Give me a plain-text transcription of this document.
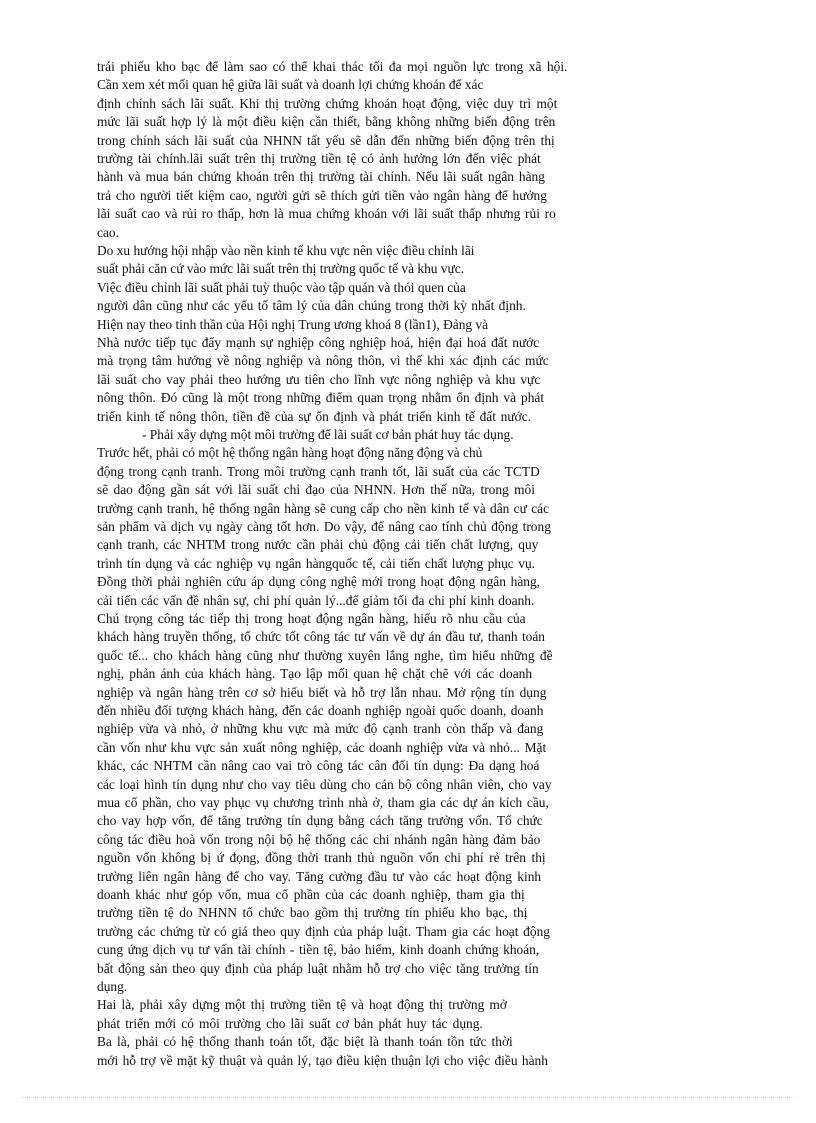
trái phiếu kho bạc để làm sao có thể khai thác tối đa mọi nguồn lực trong xã hội.
Cần xem xét mối quan hệ giữa lãi suất và doanh lợi chứng khoán để xác
định chính sách lãi suất. Khi thị trường chứng khoán hoạt động, việc duy trì một
mức lãi suất hợp lý là một điều kiện cần thiết, bằng không những biến động trên
trong chính sách lãi suất của NHNN tất yếu sẽ dẫn đến những biến động trên thị
trường tài chính.lãi suất trên thị trường tiền tệ có ảnh hưởng lớn đến việc phát
hành và mua bán chứng khoán trên thị trường tài chính. Nếu lãi suất ngân hàng
trả cho người tiết kiệm cao, người gửi sẽ thích gửi tiền vào ngân hàng để hưởng
lãi suất cao và rủi ro thấp, hơn là mua chứng khoán với lãi suất thấp nhưng rủi ro
cao.
Do xu hướng hội nhập vào nền kinh tế khu vực nên việc điều chỉnh lãi
suất phải căn cứ vào mức lãi suất trên thị trường quốc tế và khu vực.
Việc điều chỉnh lãi suất phải tuỳ thuộc vào tập quán và thói quen của
người dân cũng như các yếu tố tâm lý của dân chúng trong thời kỳ nhất định.
Hiện nay theo tinh thần của Hội nghị Trung ương khoá 8 (lần1), Đảng và
Nhà nước tiếp tục đẩy mạnh sự nghiệp công nghiệp hoá, hiện đại hoá đất nước
mà trọng tâm hướng về nông nghiệp và nông thôn, vì thế khi xác định các mức
lãi suất cho vay phải theo hướng ưu tiên cho lĩnh vực nông nghiệp và khu vực
nông thôn. Đó cũng là một trong những điểm quan trọng nhằm ổn định và phát
triển kinh tế nông thôn, tiền đề của sự ổn định và phát triển kinh tế đất nước.
- Phải xây dựng một môi trường để lãi suất cơ bản phát huy tác dụng.
Trước hết, phải có một hệ thống ngân hàng hoạt động năng động và chủ
động trong cạnh tranh. Trong môi trường cạnh tranh tốt, lãi suất của các TCTD
sẽ dao động gần sát với lãi suất chỉ đạo của NHNN. Hơn thế nữa, trong môi
trường cạnh tranh, hệ thống ngân hàng sẽ cung cấp cho nền kinh tế và dân cư các
sản phẩm và dịch vụ ngày càng tốt hơn. Do vậy, để nâng cao tính chủ động trong
cạnh tranh, các NHTM trong nước cần phải chủ động cải tiến chất lượng, quy
trình tín dụng và các nghiệp vụ ngân hàngquốc tế, cải tiến chất lượng phục vụ.
Đồng thời phải nghiên cứu áp dụng công nghệ mới trong hoạt động ngân hàng,
cải tiến các vấn đề nhân sự, chi phí quản lý...để giảm tối đa chi phí kinh doanh.
Chú trọng công tác tiếp thị trong hoạt động ngân hàng, hiểu rõ nhu cầu của
khách hàng truyền thống, tổ chức tốt công tác tư vấn về dự án đầu tư, thanh toán
quốc tế... cho khách hàng cũng như thường xuyên lắng nghe, tìm hiểu những đề
nghị, phản ánh của khách hàng. Tạo lập mối quan hệ chặt chẽ với các doanh
nghiệp và ngân hàng trên cơ sở hiểu biết và hỗ trợ lẫn nhau. Mở rộng tín dụng
đến nhiều đối tượng khách hàng, đến các doanh nghiệp ngoài quốc doanh, doanh
nghiệp vừa và nhỏ, ở những khu vực mà mức độ cạnh tranh còn thấp và đang
cần vốn như khu vực sản xuất nông nghiệp, các doanh nghiệp vừa và nhỏ... Mặt
khác, các NHTM cần nâng cao vai trò công tác cân đối tín dụng: Đa dạng hoá
các loại hình tín dụng như cho vay tiêu dùng cho cán bộ công nhân viên, cho vay
mua cổ phần, cho vay phục vụ chương trình nhà ở, tham gia các dự án kích cầu,
cho vay hợp vốn, để tăng trưởng tín dụng bằng cách tăng trưởng vốn. Tổ chức
công tác điều hoà vốn trong nội bộ hệ thống các chi nhánh ngân hàng đảm bảo
nguồn vốn không bị ứ đọng, đồng thời tranh thủ nguồn vốn chi phí rẻ trên thị
trường liên ngân hàng để cho vay. Tăng cường đầu tư vào các hoạt động kinh
doanh khác như góp vốn, mua cổ phần của các doanh nghiệp, tham gia thị
trường tiền tệ do NHNN tổ chức bao gồm thị trường tín phiếu kho bạc, thị
trường các chứng từ có giá theo quy định của pháp luật. Tham gia các hoạt động
cung ứng dịch vụ tư vấn tài chính - tiền tệ, bảo hiểm, kinh doanh chứng khoán,
bất động sản theo quy định của pháp luật nhằm hỗ trợ cho việc tăng trưởng tín
dụng.
Hai là, phải xây dựng một thị trường tiền tệ và hoạt động thị trường mở
phát triển mới có môi trường cho lãi suất cơ bản phát huy tác dụng.
Ba là, phải có hệ thống thanh toán tốt, đặc biệt là thanh toán tồn tức thời
mới hỗ trợ về mặt kỹ thuật và quản lý, tạo điều kiện thuận lợi cho việc điều hành
